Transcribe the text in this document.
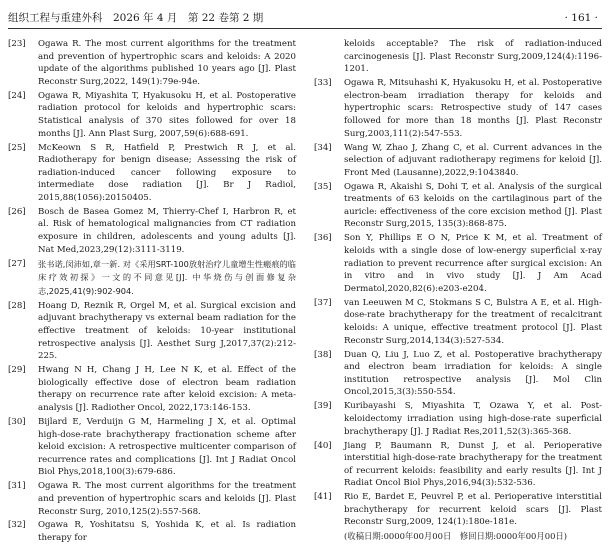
组织工程与重建外科　2026 年 4 月　第 22 卷第 2 期	· 161 ·
[23] Ogawa R. The most current algorithms for the treatment and prevention of hypertrophic scars and keloids: A 2020 update of the algorithms published 10 years ago [J]. Plast Reconstr Surg,2022, 149(1):79e-94e.
[24] Ogawa R, Miyashita T, Hyakusoku H, et al. Postoperative radiation protocol for keloids and hypertrophic scars: Statistical analysis of 370 sites followed for over 18 months [J]. Ann Plast Surg, 2007,59(6):688-691.
[25] McKeown S R, Hatfield P, Prestwich R J, et al. Radiotherapy for benign disease; Assessing the risk of radiation-induced cancer following exposure to intermediate dose radiation [J]. Br J Radiol, 2015,88(1056):20150405.
[26] Bosch de Basea Gomez M, Thierry-Chef I, Harbron R, et al. Risk of hematological malignancies from CT radiation exposure in children, adolescents and young adults [J]. Nat Med,2023,29(12):3111-3119.
[27] 张书诺,闵沛如,章一新. 对《采用SRT-100放射治疗儿童增生性瘢痕的临床疗效初探》一文的不同意见[J]. 中华烧伤与创面修复杂志,2025,41(9):902-904.
[28] Hoang D, Reznik R, Orgel M, et al. Surgical excision and adjuvant brachytherapy vs external beam radiation for the effective treatment of keloids: 10-year institutional retrospective analysis [J]. Aesthet Surg J,2017,37(2):212-225.
[29] Hwang N H, Chang J H, Lee N K, et al. Effect of the biologically effective dose of electron beam radiation therapy on recurrence rate after keloid excision: A meta-analysis [J]. Radiother Oncol, 2022,173:146-153.
[30] Bijlard E, Verduijn G M, Harmeling J X, et al. Optimal high-dose-rate brachytherapy fractionation scheme after keloid excision: A retrospective multicenter comparison of recurrence rates and complications [J]. Int J Radiat Oncol Biol Phys,2018,100(3):679-686.
[31] Ogawa R. The most current algorithms for the treatment and prevention of hypertrophic scars and keloids [J]. Plast Reconstr Surg, 2010,125(2):557-568.
[32] Ogawa R, Yoshitatsu S, Yoshida K, et al. Is radiation therapy for
keloids acceptable? The risk of radiation-induced carcinogenesis [J]. Plast Reconstr Surg,2009,124(4):1196-1201.
[33] Ogawa R, Mitsuhashi K, Hyakusoku H, et al. Postoperative electron-beam irradiation therapy for keloids and hypertrophic scars: Retrospective study of 147 cases followed for more than 18 months [J]. Plast Reconstr Surg,2003,111(2):547-553.
[34] Wang W, Zhao J, Zhang C, et al. Current advances in the selection of adjuvant radiotherapy regimens for keloid [J]. Front Med (Lausanne),2022,9:1043840.
[35] Ogawa R, Akaishi S, Dohi T, et al. Analysis of the surgical treatments of 63 keloids on the cartilaginous part of the auricle: effectiveness of the core excision method [J]. Plast Reconstr Surg,2015, 135(3):868-875.
[36] Son Y, Phillips E O N, Price K M, et al. Treatment of keloids with a single dose of low-energy superficial x-ray radiation to prevent recurrence after surgical excision: An in vitro and in vivo study [J]. J Am Acad Dermatol,2020,82(6):e203-e204.
[37] van Leeuwen M C, Stokmans S C, Bulstra A E, et al. High-dose-rate brachytherapy for the treatment of recalcitrant keloids: A unique, effective treatment protocol [J]. Plast Reconstr Surg,2014,134(3):527-534.
[38] Duan Q, Liu J, Luo Z, et al. Postoperative brachytherapy and electron beam irradiation for keloids: A single institution retrospective analysis [J]. Mol Clin Oncol,2015,3(3):550-554.
[39] Kuribayashi S, Miyashita T, Ozawa Y, et al. Post-keloidectomy irradiation using high-dose-rate superficial brachytherapy [J]. J Radiat Res,2011,52(3):365-368.
[40] Jiang P, Baumann R, Dunst J, et al. Perioperative interstitial high-dose-rate brachytherapy for the treatment of recurrent keloids: feasibility and early results [J]. Int J Radiat Oncol Biol Phys,2016,94(3):532-536.
[41] Rio E, Bardet E, Peuvrel P, et al. Perioperative interstitial brachytherapy for recurrent keloid scars [J]. Plast Reconstr Surg,2009, 124(1):180e-181e.
(收稿日期:0000年00月00日　修回日期:0000年00月00日)
